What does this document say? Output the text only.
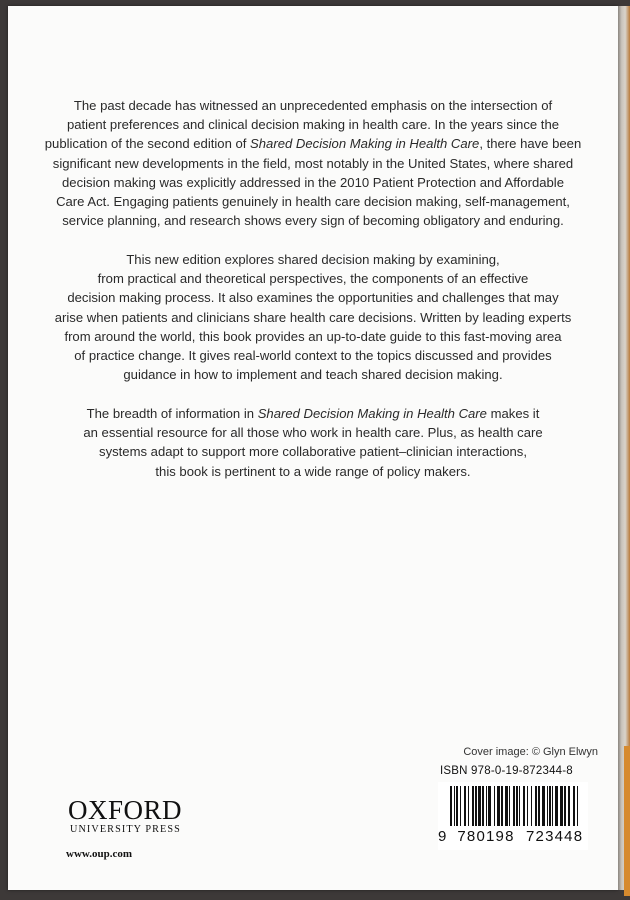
The past decade has witnessed an unprecedented emphasis on the intersection of
patient preferences and clinical decision making in health care. In the years since the
publication of the second edition of Shared Decision Making in Health Care, there have been
significant new developments in the field, most notably in the United States, where shared
decision making was explicitly addressed in the 2010 Patient Protection and Affordable
Care Act. Engaging patients genuinely in health care decision making, self-management,
service planning, and research shows every sign of becoming obligatory and enduring.
This new edition explores shared decision making by examining,
from practical and theoretical perspectives, the components of an effective
decision making process. It also examines the opportunities and challenges that may
arise when patients and clinicians share health care decisions. Written by leading experts
from around the world, this book provides an up-to-date guide to this fast-moving area
of practice change. It gives real-world context to the topics discussed and provides
guidance in how to implement and teach shared decision making.
The breadth of information in Shared Decision Making in Health Care makes it
an essential resource for all those who work in health care. Plus, as health care
systems adapt to support more collaborative patient–clinician interactions,
this book is pertinent to a wide range of policy makers.
Cover image: © Glyn Elwyn
OXFORD
UNIVERSITY PRESS
www.oup.com
ISBN 978-0-19-872344-8
9 780198 723448
